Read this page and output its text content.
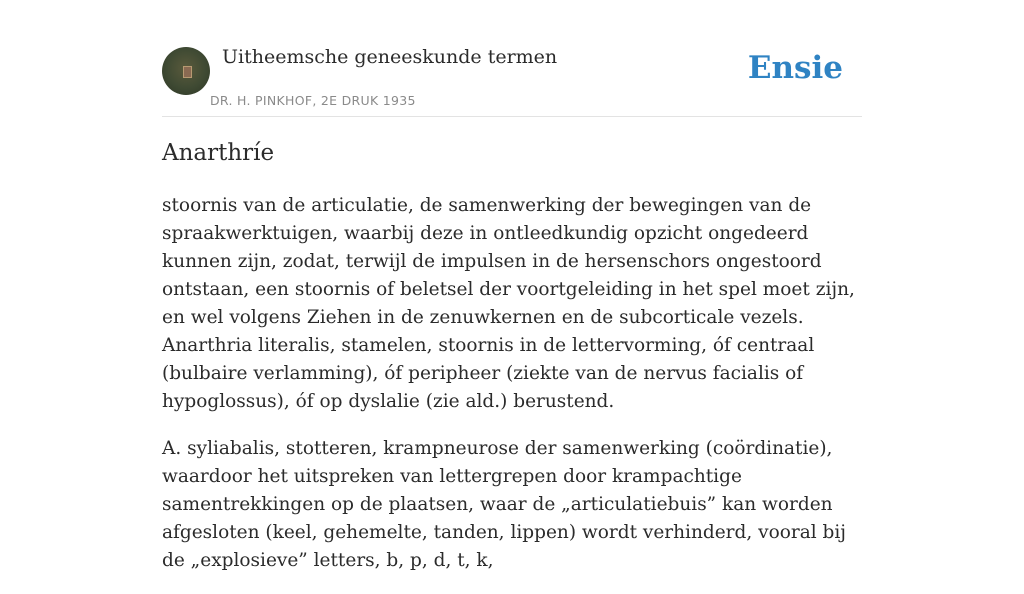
Uitheemsche geneeskunde termen
DR. H. PINKHOF, 2E DRUK 1935
Ensie
Anarthríe

stoornis van de articulatie, de samenwerking der bewegingen van de spraakwerktuigen, waarbij deze in ontleedkundig opzicht ongedeerd kunnen zijn, zodat, terwijl de impulsen in de hersenschors ongestoord ontstaan, een stoornis of beletsel der voortgeleiding in het spel moet zijn, en wel volgens Ziehen in de zenuwkernen en de subcorticale vezels. Anarthria literalis, stamelen, stoornis in de lettervorming, óf centraal (bulbaire verlamming), óf peripheer (ziekte van de nervus facialis of hypoglossus), óf op dyslalie (zie ald.) berustend.

A. syliabalis, stotteren, krampneurose der samenwerking (coördinatie), waardoor het uitspreken van lettergrepen door krampachtige samentrekkingen op de plaatsen, waar de „articulatiebuis” kan worden afgesloten (keel, gehemelte, tanden, lippen) wordt verhinderd, vooral bij de „explosieve” letters, b, p, d, t, k,
